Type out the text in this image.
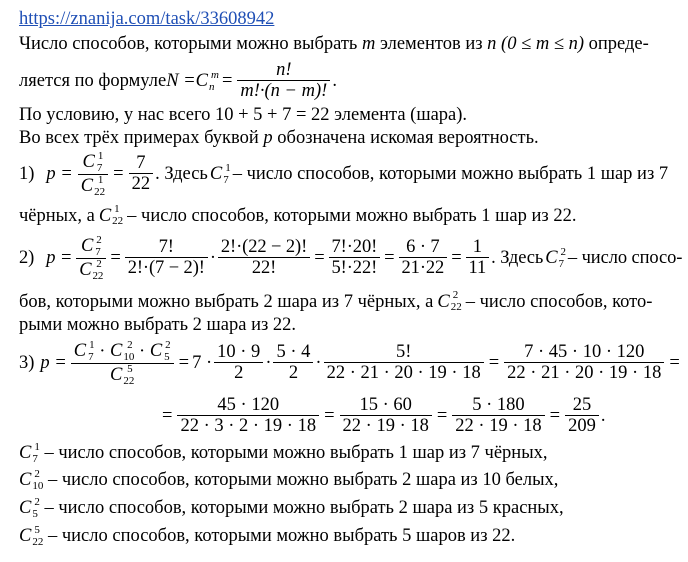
https://znanija.com/task/33608942
Число способов, которыми можно выбрать m элементов из n (0 ≤ m ≤ n) опреде-
ляется по формуле N = C m
$n = \frac{n!}{m!\cdot(n - m)!}$ .
По условию, у нас всего 10 + 5 + 7 = 22 элемента (шара).
Во всех трёх примерах буквой p обозначена искомая вероятность.
1) p = C 1
7
C 1
$22 = \frac{7}{22}$ . Здесь C 1
7 – число способов, которыми можно выбрать 1 шар из 7
чёрных, а C 1
22 – число способов, которыми можно выбрать 1 шар из 22.
2) p = C 2
7
C 2
$22 = \frac{7!}{2!\cdot(7 - 2)!} \cdot \frac{2!\cdot(22 - 2)!}{22!} = \frac{7!\cdot 20!}{5!\cdot 22!} = \frac{6 \cdot 7}{21\cdot 22} = \frac{1}{11}$ . Здесь C 2
7 – число спосо-
бов, которыми можно выбрать 2 шара из 7 чёрных, а C 2
22 – число способов, кото-
рыми можно выбрать 2 шара из 22.
3) p = C 1
7 · C 2
10 · C 2
5
C 5
$22 = 7 \cdot \frac{10 \cdot 9}{2} \cdot \frac{5 \cdot 4}{2} \cdot \frac{5!}{22 \cdot 21 \cdot 20 \cdot 19 \cdot 18} = \frac{7 \cdot 45 \cdot 10 \cdot 120}{22 \cdot 21 \cdot 20 \cdot 19 \cdot 18}$ =
= $\frac{45 \cdot 120}{22 \cdot 3 \cdot 2 \cdot 19 \cdot 18} = \frac{15 \cdot 60}{22 \cdot 19 \cdot 18} = \frac{5 \cdot 180}{22 \cdot 19 \cdot 18} = \frac{25}{209}$ .
C 1
7 – число способов, которыми можно выбрать 1 шар из 7 чёрных,
C 2
10 – число способов, которыми можно выбрать 2 шара из 10 белых,
C 2
5 – число способов, которыми можно выбрать 2 шара из 5 красных,
C 5
22 – число способов, которыми можно выбрать 5 шаров из 22.
